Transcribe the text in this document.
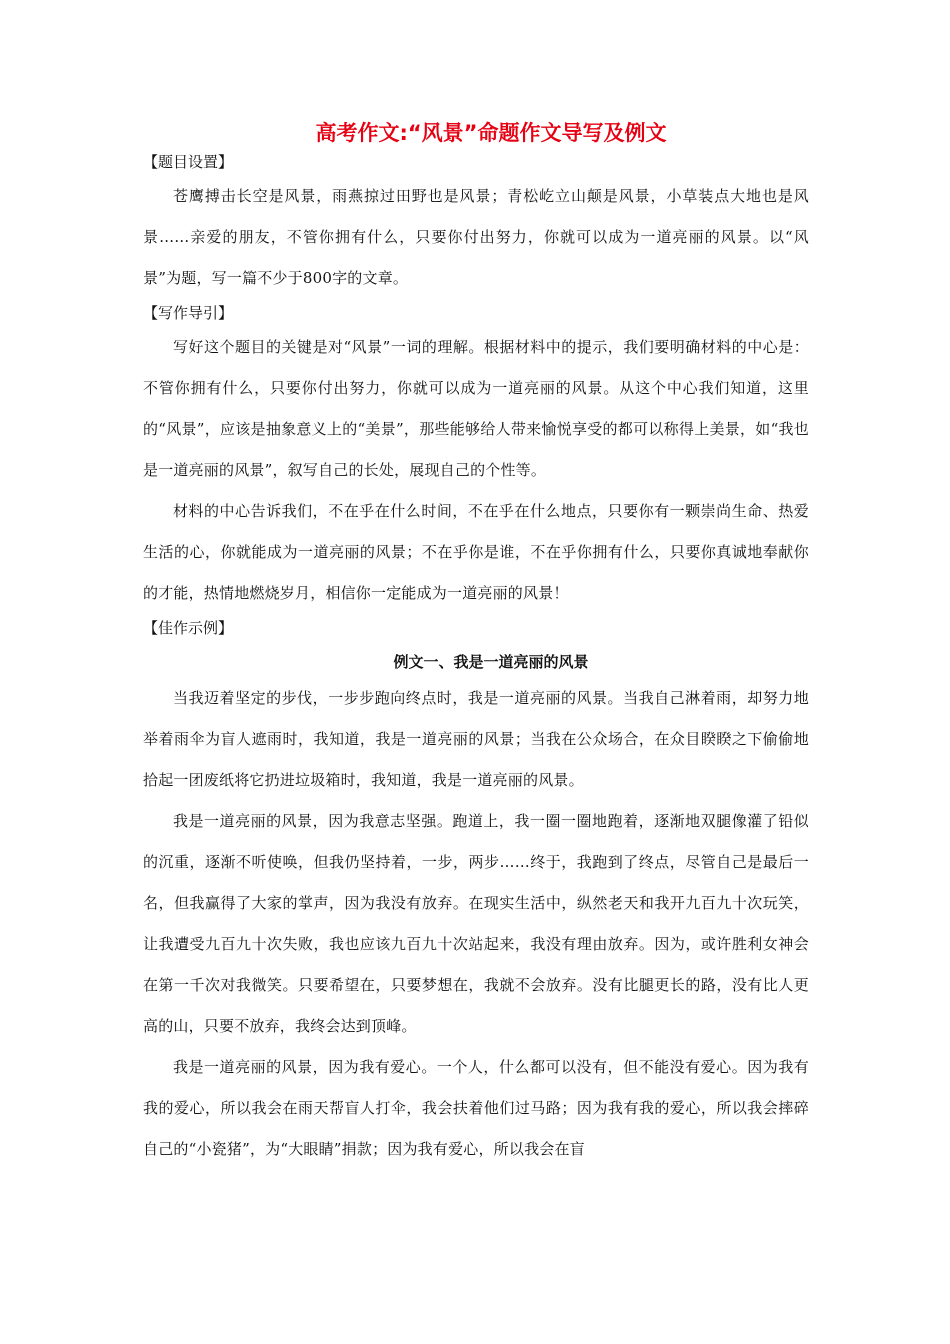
高考作文:“风景”命题作文导写及例文
【题目设置】

苍鹰搏击长空是风景，雨燕掠过田野也是风景；青松屹立山颠是风景，小草装点大地也是风景……亲爱的朋友，不管你拥有什么，只要你付出努力，你就可以成为一道亮丽的风景。以“风景”为题，写一篇不少于800字的文章。

【写作导引】

写好这个题目的关键是对“风景”一词的理解。根据材料中的提示，我们要明确材料的中心是：不管你拥有什么，只要你付出努力，你就可以成为一道亮丽的风景。从这个中心我们知道，这里的“风景”，应该是抽象意义上的“美景”，那些能够给人带来愉悦享受的都可以称得上美景，如“我也是一道亮丽的风景”，叙写自己的长处，展现自己的个性等。

材料的中心告诉我们，不在乎在什么时间，不在乎在什么地点，只要你有一颗崇尚生命、热爱生活的心，你就能成为一道亮丽的风景；不在乎你是谁，不在乎你拥有什么，只要你真诚地奉献你的才能，热情地燃烧岁月，相信你一定能成为一道亮丽的风景！

【佳作示例】
例文一、我是一道亮丽的风景

当我迈着坚定的步伐，一步步跑向终点时，我是一道亮丽的风景。当我自己淋着雨，却努力地举着雨伞为盲人遮雨时，我知道，我是一道亮丽的风景；当我在公众场合，在众目睽睽之下偷偷地拾起一团废纸将它扔进垃圾箱时，我知道，我是一道亮丽的风景。

我是一道亮丽的风景，因为我意志坚强。跑道上，我一圈一圈地跑着，逐渐地双腿像灌了铅似的沉重，逐渐不听使唤，但我仍坚持着，一步，两步……终于，我跑到了终点，尽管自己是最后一名，但我赢得了大家的掌声，因为我没有放弃。在现实生活中，纵然老天和我开九百九十次玩笑，让我遭受九百九十次失败，我也应该九百九十次站起来，我没有理由放弃。因为，或许胜利女神会在第一千次对我微笑。只要希望在，只要梦想在，我就不会放弃。没有比腿更长的路，没有比人更高的山，只要不放弃，我终会达到顶峰。

我是一道亮丽的风景，因为我有爱心。一个人，什么都可以没有，但不能没有爱心。因为我有我的爱心，所以我会在雨天帮盲人打伞，我会扶着他们过马路；因为我有我的爱心，所以我会摔碎自己的“小瓷猪”，为“大眼睛”捐款；因为我有爱心，所以我会在盲
